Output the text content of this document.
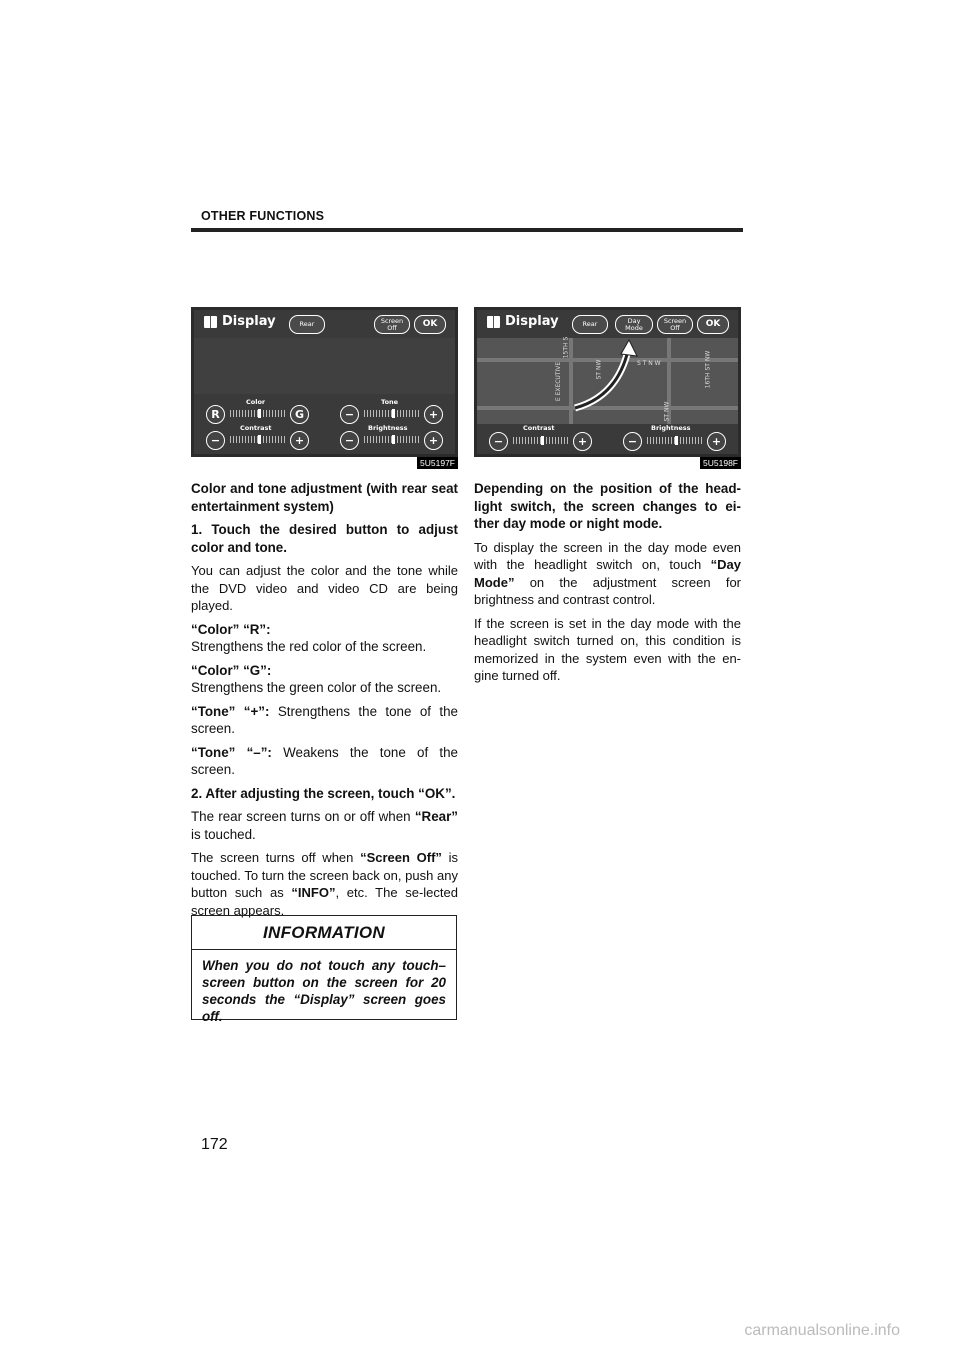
OTHER FUNCTIONS
Display	Rear	Screen
Off	OK
Color	Tone
R	G	−	+
Contrast	Brightness
−	+	−	+
5U5197F
Display	Rear	Day
Mode
Screen
Off	OK
E EXECUTIVE
15TH S
ST NW	S T N W	16TH ST NW
ST NW
Contrast	Brightness
−	+	−	+
5U5198F

Color and tone adjustment (with rear seat entertainment system)

1. Touch the desired button to adjust color and tone.

You can adjust the color and the tone while the DVD video and video CD are being played.

“Color” “R”:
Strengthens the red color of the screen.

“Color” “G”:
Strengthens the green color of the screen.

“Tone” “+”: Strengthens the tone of the screen.

“Tone” “–”: Weakens the tone of the screen.

2. After adjusting the screen, touch “OK”.

The rear screen turns on or off when “Rear” is touched.

The screen turns off when “Screen Off” is touched. To turn the screen back on, push any button such as “INFO”, etc. The se-lected screen appears.

INFORMATION
When you do not touch any touch–screen button on the screen for 20 seconds the “Display” screen goes off.

Depending on the position of the head-light switch, the screen changes to ei-ther day mode or night mode.

To display the screen in the day mode even with the headlight switch on, touch “Day Mode” on the adjustment screen for brightness and contrast control.

If the screen is set in the day mode with the headlight switch turned on, this condition is memorized in the system even with the en-gine turned off.

172
carmanualsonline.info
